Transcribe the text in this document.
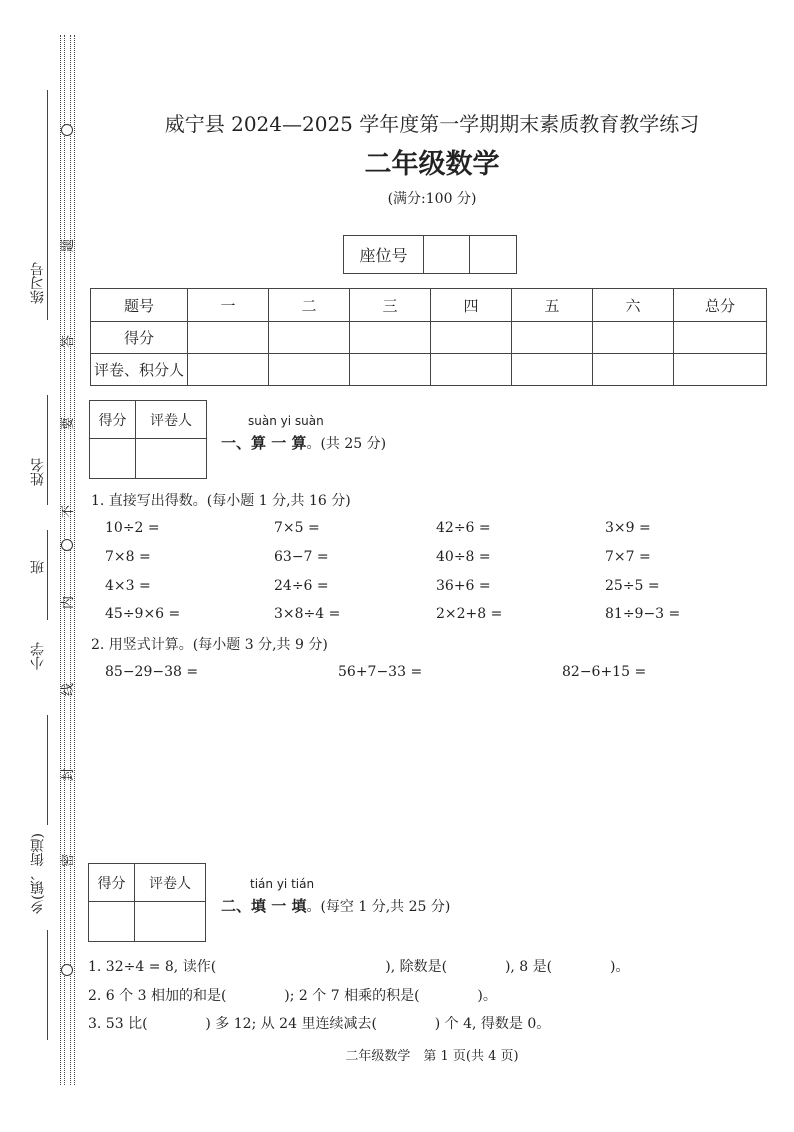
练习号
姓名
班
小学
乡(镇、街道)
题
答
要
不
内
线
封
密
威宁县 2024—2025 学年度第一学期期末素质教育教学练习
二年级数学
(满分:100 分)
座位号		
题号	一	二	三	四	五	六	总分
得分							
评卷、积分人							
得分	评卷人
		suàn yi suàn
一、算 一 算。(共 25 分)
1. 直接写出得数。(每小题 1 分,共 16 分)
10÷2 =	7×5 =	42÷6 =	3×9 =
7×8 =	63−7 =	40÷8 =	7×7 =
4×3 =	24÷6 =	36+6 =	25÷5 =
45÷9×6 =	3×8÷4 =	2×2+8 =	81÷9−3 =
2. 用竖式计算。(每小题 3 分,共 9 分)
85−29−38 =	56+7−33 =	82−6+15 =
得分	评卷人
		tián yi tián
二、填 一 填。(每空 1 分,共 25 分)
1. 32÷4 = 8, 读作(                                      ), 除数是(             ), 8 是(             )。
2. 6 个 3 相加的和是(             ); 2 个 7 相乘的积是(             )。
3. 53 比(             ) 多 12; 从 24 里连续减去(             ) 个 4, 得数是 0。
二年级数学　第 1 页(共 4 页)
